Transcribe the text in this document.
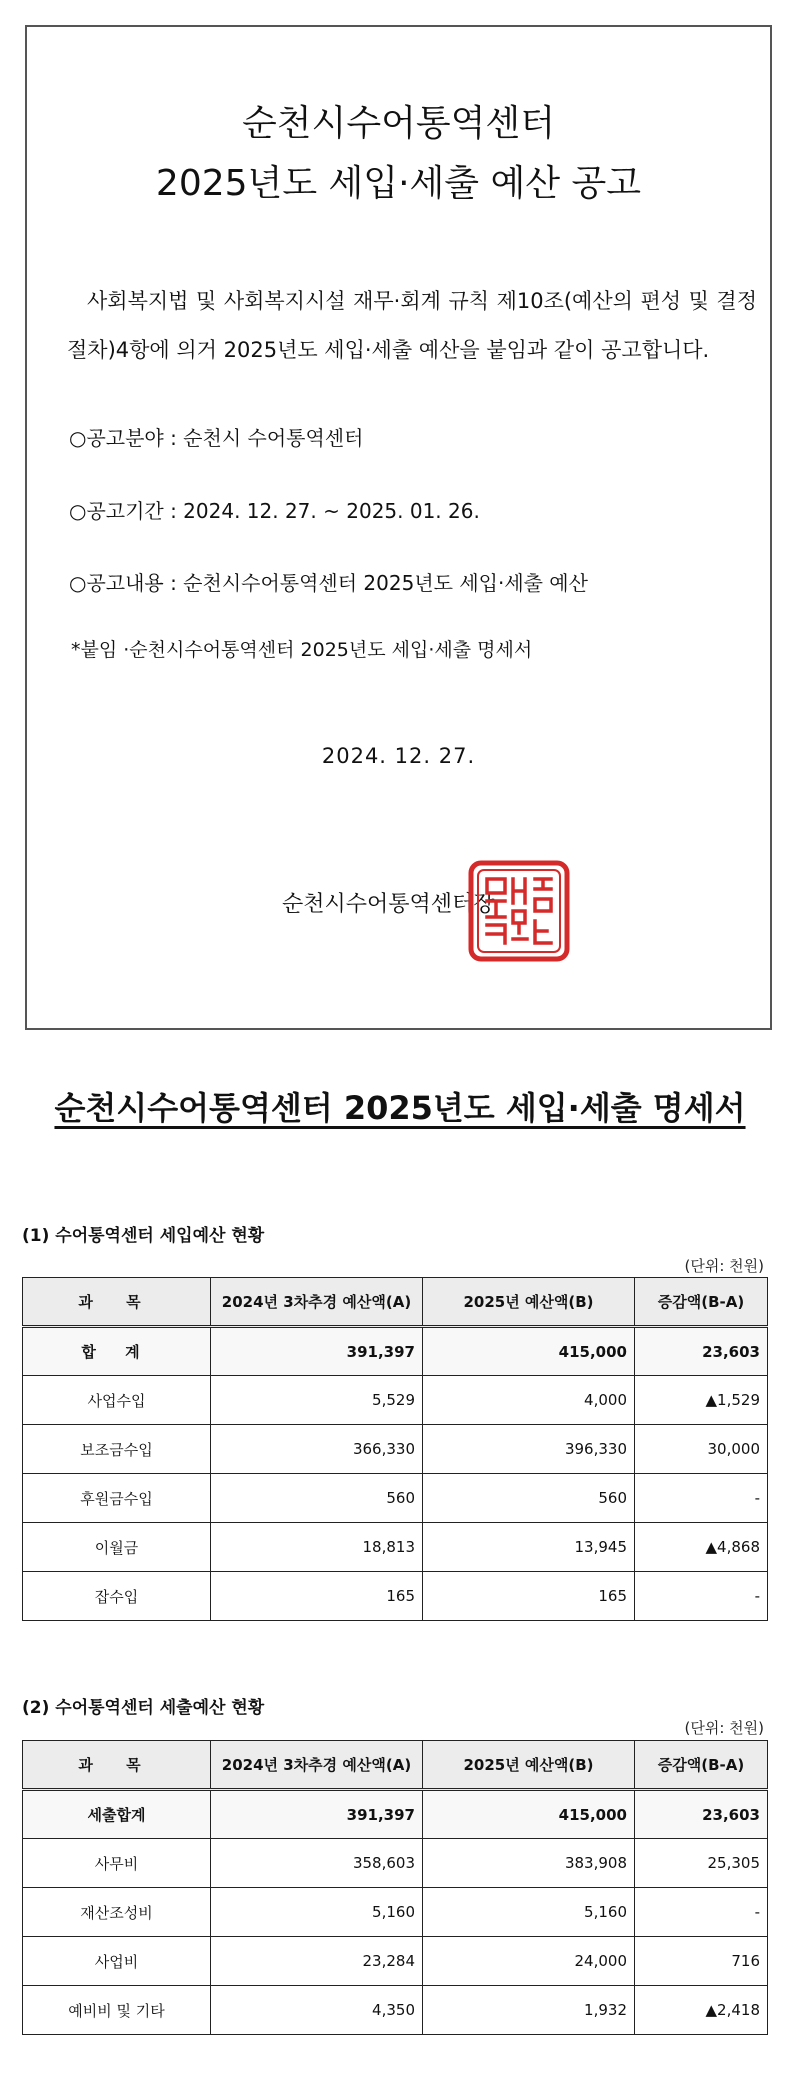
순천시수어통역센터
2025년도 세입·세출 예산 공고
사회복지법 및 사회복지시설 재무·회계 규칙 제10조(예산의 편성 및 결정절차)4항에 의거 2025년도 세입·세출 예산을 붙임과 같이 공고합니다.
○공고분야 : 순천시 수어통역센터
○공고기간 : 2024. 12. 27. ~ 2025. 01. 26.
○공고내용 : 순천시수어통역센터 2025년도 세입·세출 예산
*붙임 ·순천시수어통역센터 2025년도 세입·세출 명세서
2024. 12. 27.
순천시수어통역센터장
순천시수어통역센터 2025년도 세입·세출 명세서
(1) 수어통역센터 세입예산 현황
(단위: 천원)
과 목	2024년 3차추경 예산액(A)	2025년 예산액(B)	증감액(B-A)
합 계	391,397	415,000	23,603
사업수입	5,529	4,000	▲1,529
보조금수입	366,330	396,330	30,000
후원금수입	560	560	-
이월금	18,813	13,945	▲4,868
잡수입	165	165	-
(2) 수어통역센터 세출예산 현황
(단위: 천원)
과 목	2024년 3차추경 예산액(A)	2025년 예산액(B)	증감액(B-A)
세출합계	391,397	415,000	23,603
사무비	358,603	383,908	25,305
재산조성비	5,160	5,160	-
사업비	23,284	24,000	716
예비비 및 기타	4,350	1,932	▲2,418
